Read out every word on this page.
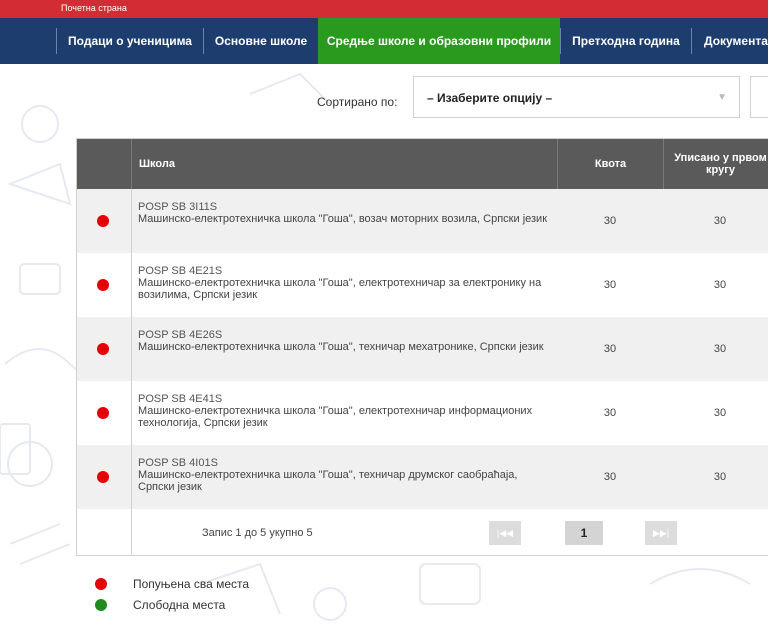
Почетна страна
Подаци о ученицима	Основне школе	Средње школе и образовни профили	Претходна година	Документа
Сортирано по: – Изаберите опцију –	▼
Школа	Квота	Уписано у првом кругу
POSP SB 3I11S
Машинско-електротехничка школа "Гоша", возач моторних возила, Српски језик	30	30
POSP SB 4E21S
Машинско-електротехничка школа "Гоша", електротехничар за електронику на возилима, Српски језик
30	30
POSP SB 4E26S
Машинско-електротехничка школа "Гоша", техничар мехатронике, Српски језик	30	30
POSP SB 4E41S
Машинско-електротехничка школа "Гоша", електротехничар информационих технологија, Српски језик
30	30
POSP SB 4I01S
Машинско-електротехничка школа "Гоша", техничар друмског саобраћаја, Српски језик
30	30
Запис 1 до 5 укупно 5	|◀◀	1	▶▶|
Попуњена сва места
Слободна места
